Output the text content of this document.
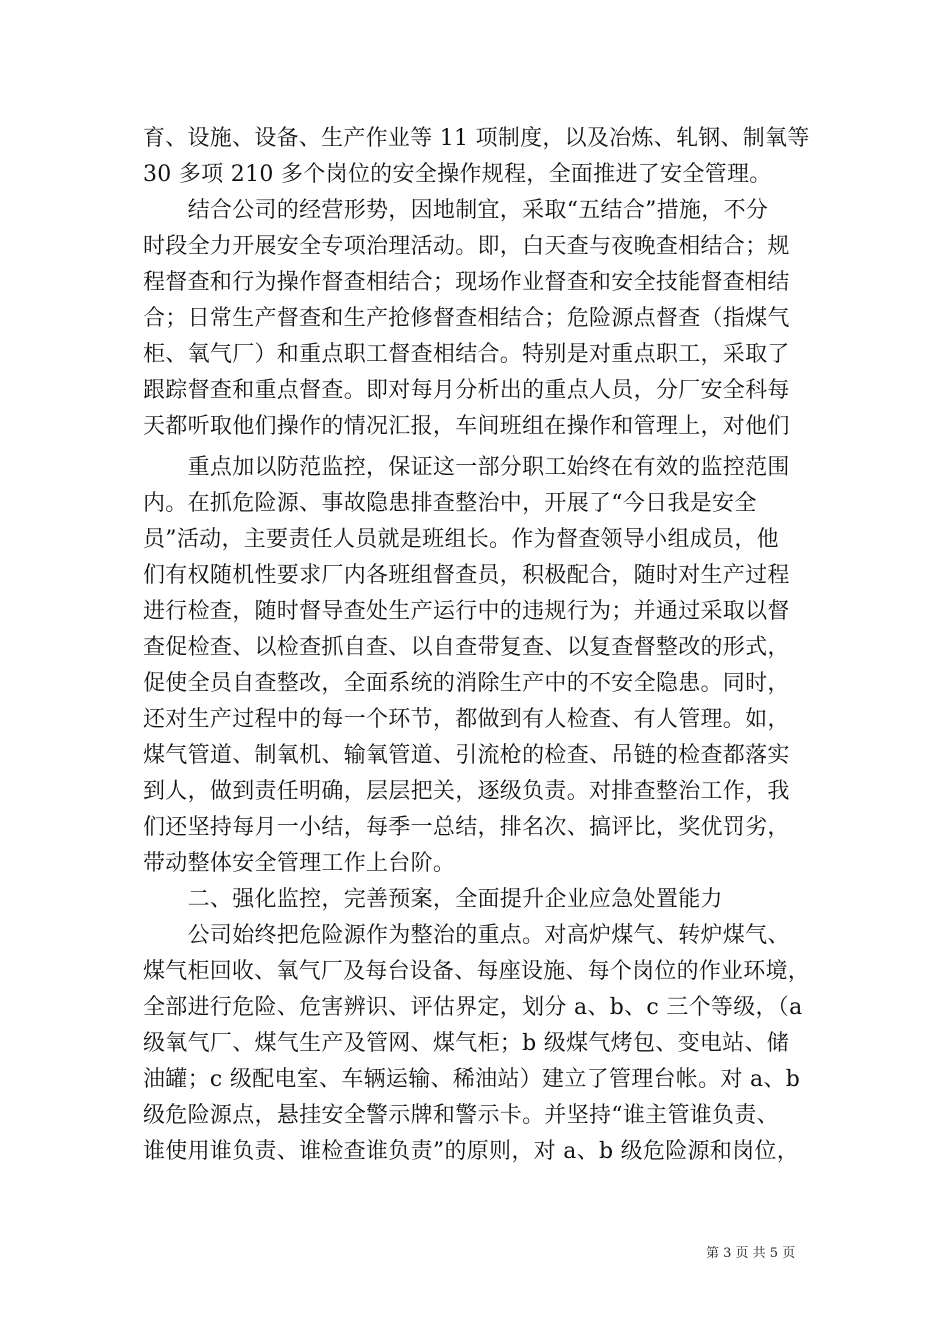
育、设施、设备、生产作业等 11 项制度，以及冶炼、轧钢、制氧等
30 多项 210 多个岗位的安全操作规程，全面推进了安全管理。
　　结合公司的经营形势，因地制宜，采取“五结合”措施，不分
时段全力开展安全专项治理活动。即，白天查与夜晚查相结合；规
程督查和行为操作督查相结合；现场作业督查和安全技能督查相结
合；日常生产督查和生产抢修督查相结合；危险源点督查（指煤气
柜、氧气厂）和重点职工督查相结合。特别是对重点职工，采取了
跟踪督查和重点督查。即对每月分析出的重点人员，分厂安全科每
天都听取他们操作的情况汇报，车间班组在操作和管理上，对他们
　　重点加以防范监控，保证这一部分职工始终在有效的监控范围
内。在抓危险源、事故隐患排查整治中，开展了“今日我是安全
员”活动，主要责任人员就是班组长。作为督查领导小组成员，他
们有权随机性要求厂内各班组督查员，积极配合，随时对生产过程
进行检查，随时督导查处生产运行中的违规行为；并通过采取以督
查促检查、以检查抓自查、以自查带复查、以复查督整改的形式，
促使全员自查整改，全面系统的消除生产中的不安全隐患。同时，
还对生产过程中的每一个环节，都做到有人检查、有人管理。如，
煤气管道、制氧机、输氧管道、引流枪的检查、吊链的检查都落实
到人，做到责任明确，层层把关，逐级负责。对排查整治工作，我
们还坚持每月一小结，每季一总结，排名次、搞评比，奖优罚劣，
带动整体安全管理工作上台阶。
　　二、强化监控，完善预案，全面提升企业应急处置能力
　　公司始终把危险源作为整治的重点。对高炉煤气、转炉煤气、
煤气柜回收、氧气厂及每台设备、每座设施、每个岗位的作业环境，
全部进行危险、危害辨识、评估界定，划分 a、b、c 三个等级，（a
级氧气厂、煤气生产及管网、煤气柜；b 级煤气烤包、变电站、储
油罐；c 级配电室、车辆运输、稀油站）建立了管理台帐。对 a、b
级危险源点，悬挂安全警示牌和警示卡。并坚持“谁主管谁负责、
谁使用谁负责、谁检查谁负责”的原则，对 a、b 级危险源和岗位，
第 3 页 共 5 页
